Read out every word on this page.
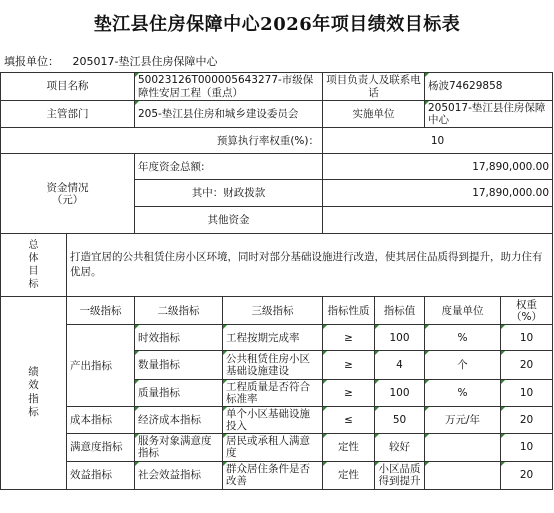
垫江县住房保障中心2026年项目绩效目标表
填报单位： 205017-垫江县住房保障中心
项目名称		50023126T000005643277-市级保障性安居工程（重点）		项目负责人及联系电话		杨波74629858	
主管部门		205-垫江县住房和城乡建设委员会		实施单位		205017-垫江县住房保障中心	
预算执行率权重(%)：				10			
资金情况
（元）		年度资金总额:		17,890,000.00			
		其中：财政拨款		17,890,000.00			
		其他资金					
总体目标	打造宜居的公共租赁住房小区环境，同时对部分基础设施进行改造，使其居住品质得到提升，助力住有优居。						
绩效指标	一级指标	二级指标	三级指标	指标性质	指标值	度量单位	权重（%）
	产出指标	时效指标	工程按期完成率	≥	100	%	10
		数量指标	公共租赁住房小区基础设施建设	≥	4	个	20
		质量指标	工程质量是否符合标准率	≥	100	%	10
	成本指标	经济成本指标	单个小区基础设施投入	≤	50	万元/年	20
	满意度指标	服务对象满意度指标	居民或承租人满意度	定性	较好		10
	效益指标	社会效益指标	群众居住条件是否改善	定性	小区品质得到提升		20
